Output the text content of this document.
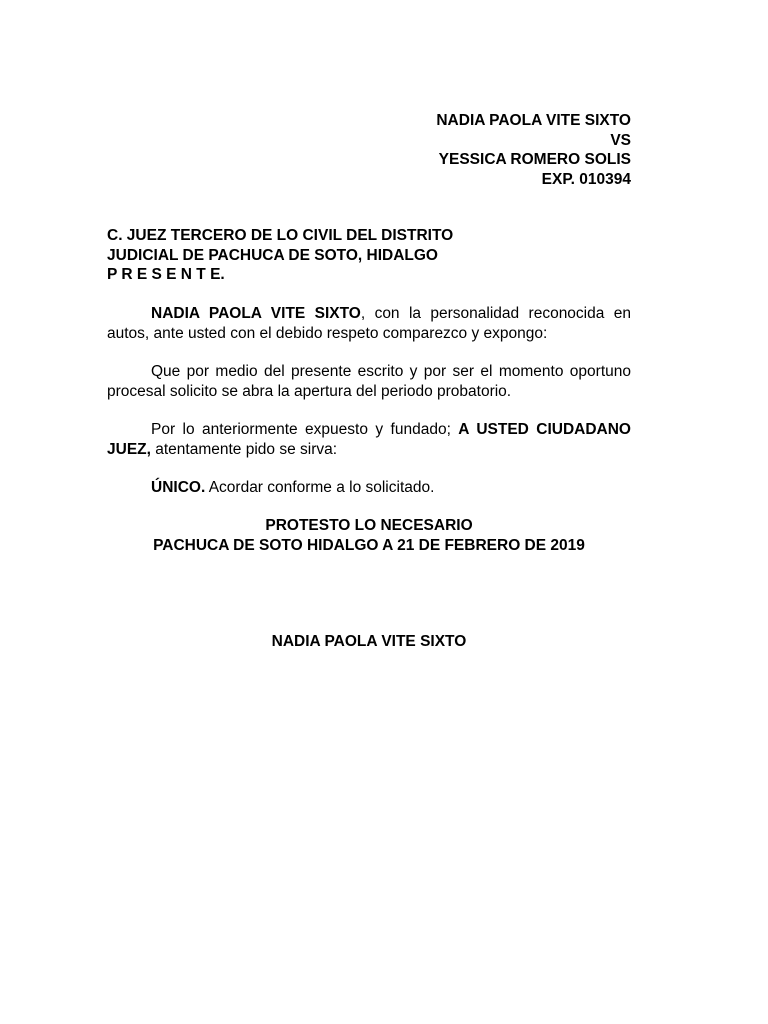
NADIA PAOLA VITE SIXTO
VS
YESSICA ROMERO SOLIS
EXP. 010394
C. JUEZ TERCERO DE LO CIVIL DEL DISTRITO
JUDICIAL DE PACHUCA DE SOTO, HIDALGO
P R E S E N T E.
NADIA PAOLA VITE SIXTO, con la personalidad reconocida en autos, ante usted con el debido respeto comparezco y expongo:
Que por medio del presente escrito y por ser el momento oportuno procesal solicito se abra la apertura del periodo probatorio.
Por lo anteriormente expuesto y fundado; A USTED CIUDADANO JUEZ, atentamente pido se sirva:
ÚNICO. Acordar conforme a lo solicitado.
PROTESTO LO NECESARIO
PACHUCA DE SOTO HIDALGO A 21 DE FEBRERO DE 2019
NADIA PAOLA VITE SIXTO
